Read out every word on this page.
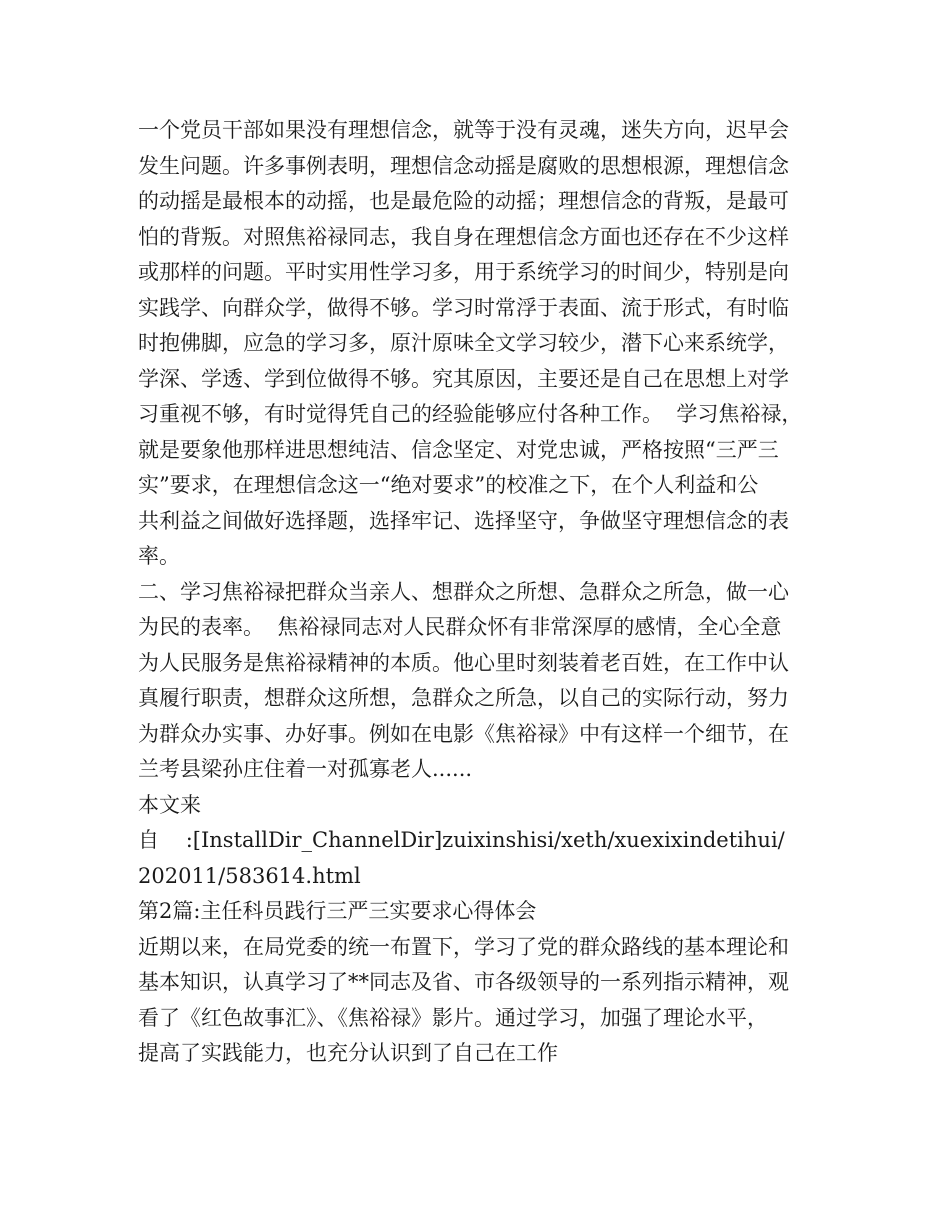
一个党员干部如果没有理想信念，就等于没有灵魂，迷失方向，迟早会
发生问题。许多事例表明，理想信念动摇是腐败的思想根源，理想信念
的动摇是最根本的动摇，也是最危险的动摇；理想信念的背叛，是最可
怕的背叛。对照焦裕禄同志，我自身在理想信念方面也还存在不少这样
或那样的问题。平时实用性学习多，用于系统学习的时间少，特别是向
实践学、向群众学，做得不够。学习时常浮于表面、流于形式，有时临
时抱佛脚，应急的学习多，原汁原味全文学习较少，潜下心来系统学，
学深、学透、学到位做得不够。究其原因，主要还是自己在思想上对学
习重视不够，有时觉得凭自己的经验能够应付各种工作。  学习焦裕禄，
就是要象他那样进思想纯洁、信念坚定、对党忠诚，严格按照“三严三
实”要求，在理想信念这一“绝对要求”的校准之下，在个人利益和公
共利益之间做好选择题，选择牢记、选择坚守，争做坚守理想信念的表
率。
二、学习焦裕禄把群众当亲人、想群众之所想、急群众之所急，做一心
为民的表率。  焦裕禄同志对人民群众怀有非常深厚的感情，全心全意
为人民服务是焦裕禄精神的本质。他心里时刻装着老百姓，在工作中认
真履行职责，想群众这所想，急群众之所急，以自己的实际行动，努力
为群众办实事、办好事。例如在电影《焦裕禄》中有这样一个细节，在
兰考县梁孙庄住着一对孤寡老人......
本文来
自    :[InstallDir_ChannelDir]zuixinshisi/xeth/xuexixindetihui/
202011/583614.html
第2篇:主任科员践行三严三实要求心得体会
近期以来，在局党委的统一布置下，学习了党的群众路线的基本理论和
基本知识，认真学习了**同志及省、市各级领导的一系列指示精神，观
看了《红色故事汇》、《焦裕禄》影片。通过学习，加强了理论水平，
提高了实践能力，也充分认识到了自己在工作
